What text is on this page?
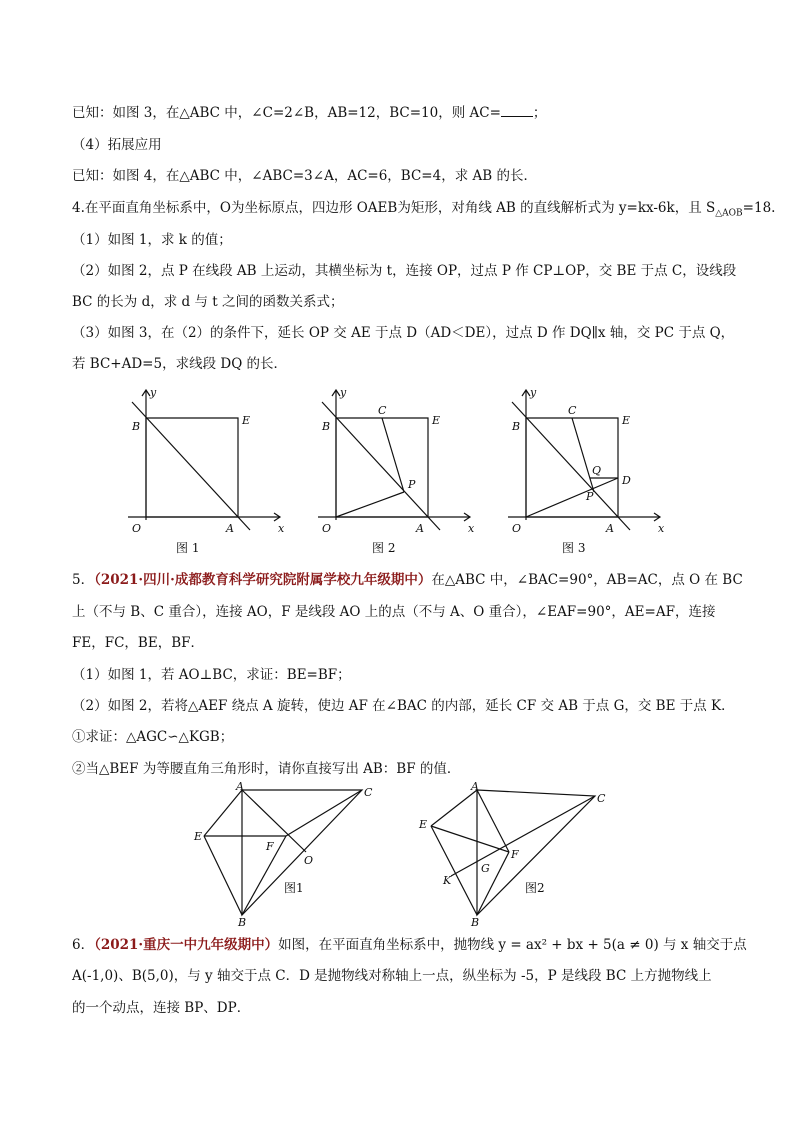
已知：如图 3，在△ABC 中，∠C=2∠B，AB=12，BC=10，则 AC= ；
（4）拓展应用
已知：如图 4，在△ABC 中，∠ABC=3∠A，AC=6，BC=4，求 AB 的长．
4.在平面直角坐标系中，O为坐标原点，四边形 OAEB为矩形，对角线 AB 的直线解析式为 y=kx-6k，且 $S_{\triangle AOB}=18$.
（1）如图 1，求 k 的值；
（2）如图 2，点 P 在线段 AB 上运动，其横坐标为 t，连接 OP，过点 P 作 CP⊥OP，交 BE 于点 C，设线段
BC 的长为 d，求 d 与 t 之间的函数关系式；
（3）如图 3，在（2）的条件下，延长 OP 交 AE 于点 D（AD＜DE），过点 D 作 DQ∥x 轴，交 PC 于点 Q，
若 BC+AD=5，求线段 DQ 的长．
y
B	E
O	A	x
图 1
y
B
C
E
P
O	A	x
图 2
y
B
C
E
Q
D
P
O	A	x
图 3
5．（2021·四川·成都教育科学研究院附属学校九年级期中）在△ABC 中，∠BAC=90°，AB=AC，点 O 在 BC
上（不与 B、C 重合），连接 AO，F 是线段 AO 上的点（不与 A、O 重合），∠EAF=90°，AE=AF，连接
FE，FC，BE，BF．
（1）如图 1，若 AO⊥BC，求证：BE=BF；
（2）如图 2，若将△AEF 绕点 A 旋转，使边 AF 在∠BAC 的内部，延长 CF 交 AB 于点 G，交 BE 于点 K．
①求证：△AGC∽△KGB；
②当△BEF 为等腰直角三角形时，请你直接写出 AB：BF 的值．
A	C
E
F
O
B
图1
A
C
E
F
G
K
B
图2
6．（2021·重庆一中九年级期中）如图，在平面直角坐标系中，抛物线 y = ax² + bx + 5(a ≠ 0) 与 x 轴交于点
A(-1,0)、B(5,0)，与 y 轴交于点 C．D 是抛物线对称轴上一点，纵坐标为 -5，P 是线段 BC 上方抛物线上
的一个动点，连接 BP、DP．
